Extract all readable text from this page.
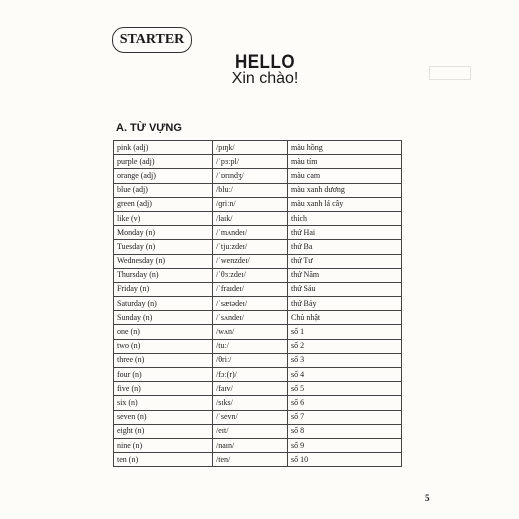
STARTER
HELLO
Xin chào!
A. TỪ VỰNG
pink (adj)	/pɪŋk/	màu hồng
purple (adj)	/ˈpɜːpl/	màu tím
orange (adj)	/ˈɒrɪndʒ/	màu cam
blue (adj)	/bluː/	màu xanh dương
green (adj)	/ɡriːn/	màu xanh lá cây
like (v)	/laɪk/	thích
Monday (n)	/ˈmʌndeɪ/	thứ Hai
Tuesday (n)	/ˈtjuːzdeɪ/	thứ Ba
Wednesday (n)	/ˈwenzdeɪ/	thứ Tư
Thursday (n)	/ˈθɜːzdeɪ/	thứ Năm
Friday (n)	/ˈfraɪdeɪ/	thứ Sáu
Saturday (n)	/ˈsætədeɪ/	thứ Bảy
Sunday (n)	/ˈsʌndeɪ/	Chủ nhật
one (n)	/wʌn/	số 1
two (n)	/tuː/	số 2
three (n)	/θriː/	số 3
four (n)	/fɔː(r)/	số 4
five (n)	/faɪv/	số 5
six (n)	/sɪks/	số 6
seven (n)	/ˈsevn/	số 7
eight (n)	/eɪt/	số 8
nine (n)	/naɪn/	số 9
ten (n)	/ten/	số 10
5
